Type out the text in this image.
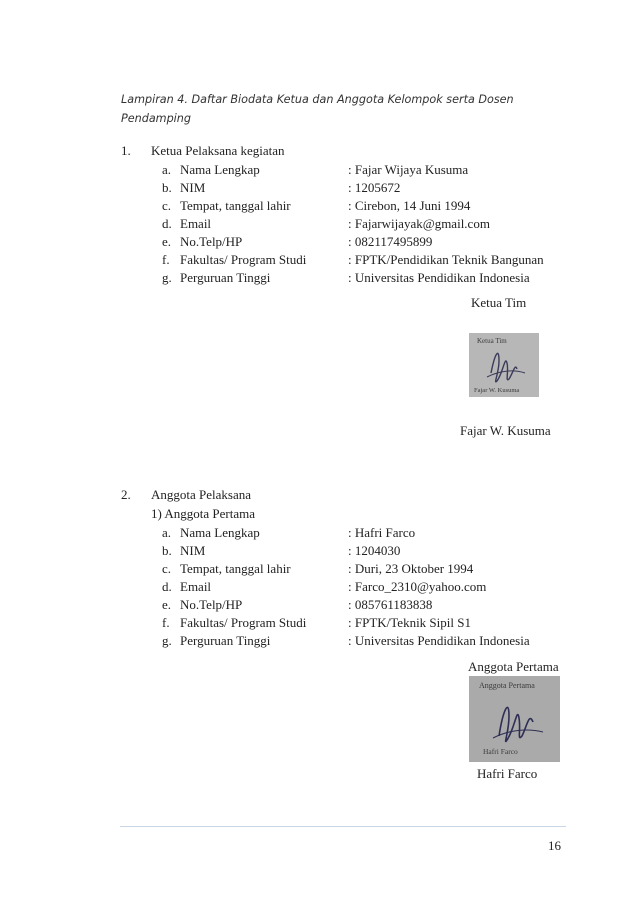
Lampiran 4. Daftar Biodata Ketua dan Anggota Kelompok serta Dosen
Pendamping
1. Ketua Pelaksana kegiatan
a. Nama Lengkap	: Fajar Wijaya Kusuma
b. NIM	: 1205672
c. Tempat, tanggal lahir	: Cirebon, 14 Juni 1994
d. Email	: Fajarwijayak@gmail.com
e. No.Telp/HP	: 082117495899
f. Fakultas/ Program Studi	: FPTK/Pendidikan Teknik Bangunan
g. Perguruan Tinggi	: Universitas Pendidikan Indonesia
Ketua Tim
Ketua Tim
Fajar W. Kusuma
Fajar W. Kusuma
2. Anggota Pelaksana
1) Anggota Pertama
a. Nama Lengkap	: Hafri Farco
b. NIM	: 1204030
c. Tempat, tanggal lahir	: Duri, 23 Oktober 1994
d. Email	: Farco_2310@yahoo.com
e. No.Telp/HP	: 085761183838
f. Fakultas/ Program Studi	: FPTK/Teknik Sipil S1
g. Perguruan Tinggi	: Universitas Pendidikan Indonesia
Anggota Pertama
Anggota Pertama
Hafri Farco
Hafri Farco
16
